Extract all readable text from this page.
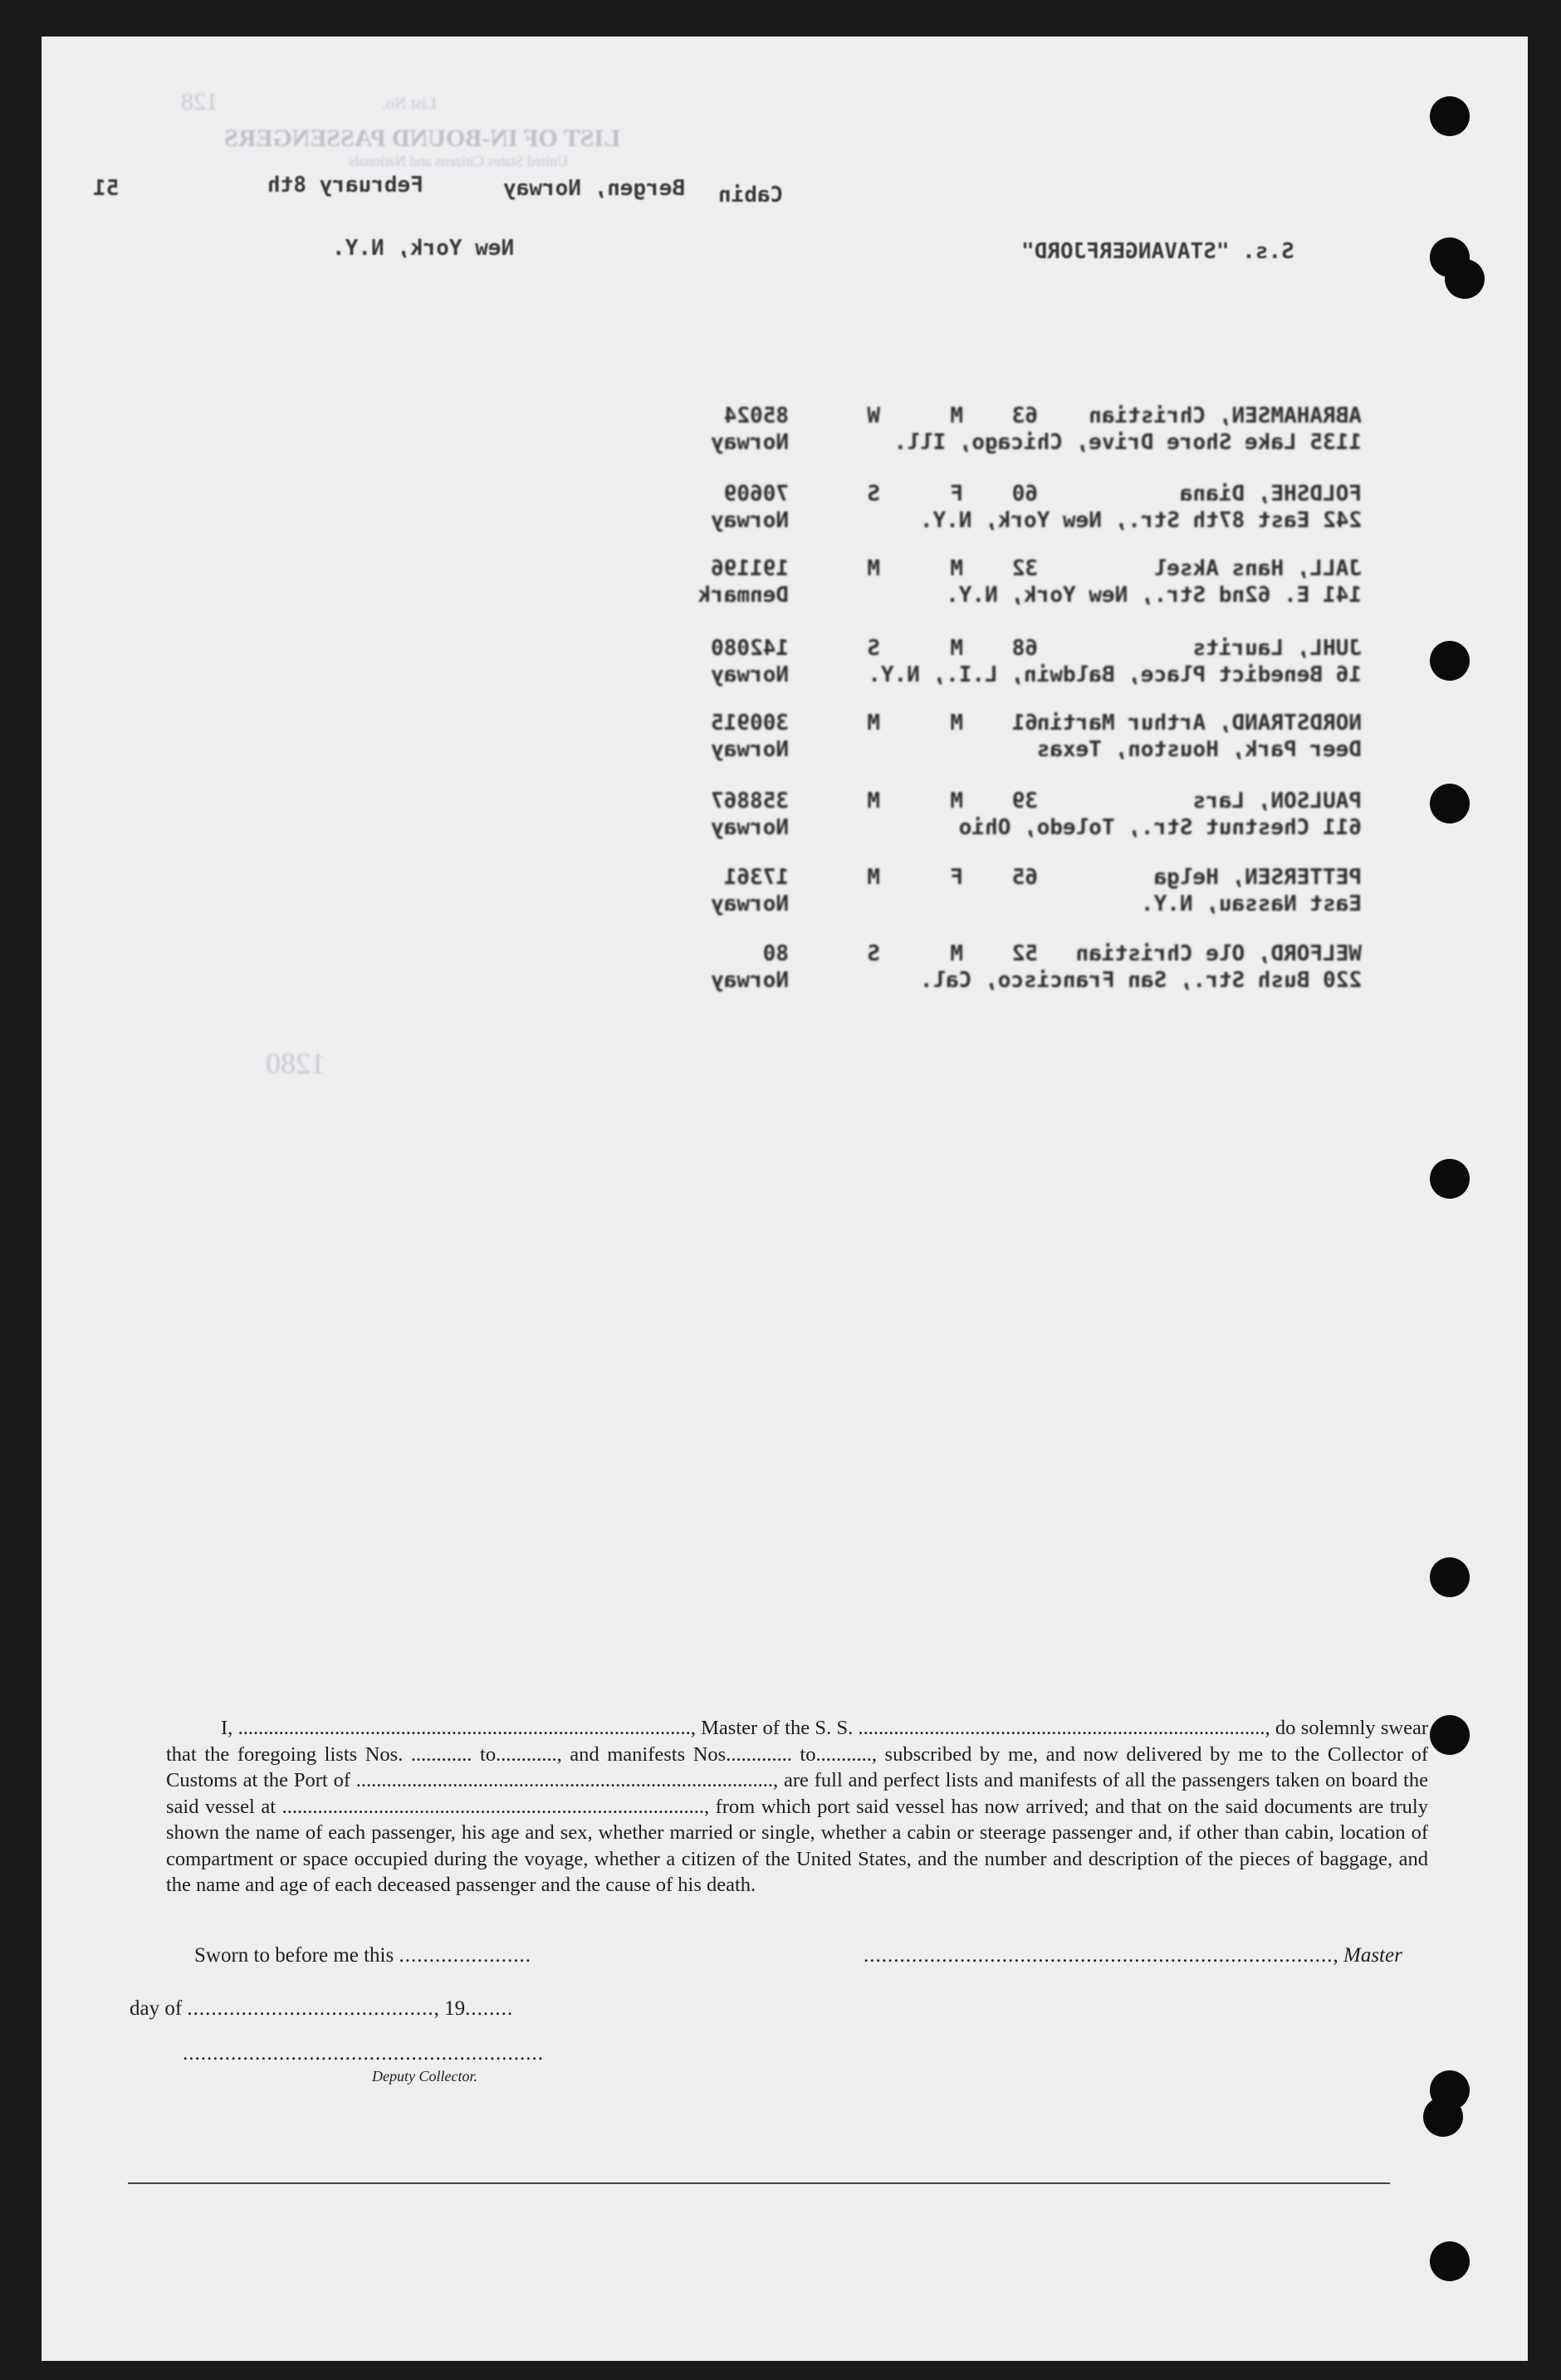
128	List No.
LIST OF IN-BOUND PASSENGERS
United States Citizens and Nationals
Cabin
Bergen, Norway
February 8th
51
S.s. "STAVANGERFJORD"
New York, N.Y.
ABRAHAMSEN, Christian
63
M
W
85024
1135 Lake Shore Drive, Chicago, Ill.
Norway
FOLDSHE, Diana
60
F
S
70609
242 East 87th Str., New York, N.Y.
Norway
JALL, Hans Aksel
32
M
M
191196
141 E. 62nd Str., New York, N.Y.
Denmark
JUHL, Laurits
68
M
S
142080
16 Benedict Place, Baldwin, L.I., N.Y.
Norway
NORDSTRAND, Arthur Martin
61
M
M
300915
Deer Park, Houston, Texas
Norway
PAULSON, Lars
39
M
M
358867
611 Chestnut Str., Toledo, Ohio
Norway
PETTERSEN, Helga
65
F
M
17361
East Nassau, N.Y.
Norway
WELFORD, Ole Christian
52
M
S
80
220 Bush Str., San Francisco, Cal.
Norway
1280
I, ........................................................................................., Master of the S. S. ................................................................................, do solemnly swear that the foregoing lists Nos. ............ to............, and manifests Nos............. to..........., subscribed by me, and now delivered by me to the Collector of Customs at the Port of .................................................................................., are full and perfect lists and manifests of all the passengers taken on board the said vessel at ..................................................................................., from which port said vessel has now arrived; and that on the said documents are truly shown the name of each passenger, his age and sex, whether married or single, whether a cabin or steerage passenger and, if other than cabin, location of compartment or space occupied during the voyage, whether a citizen of the United States, and the number and description of the pieces of baggage, and the name and age of each deceased passenger and the cause of his death.
Sworn to before me this ......................	.............................................................................., Master
day of ........................................., 19........
............................................................
Deputy Collector.
